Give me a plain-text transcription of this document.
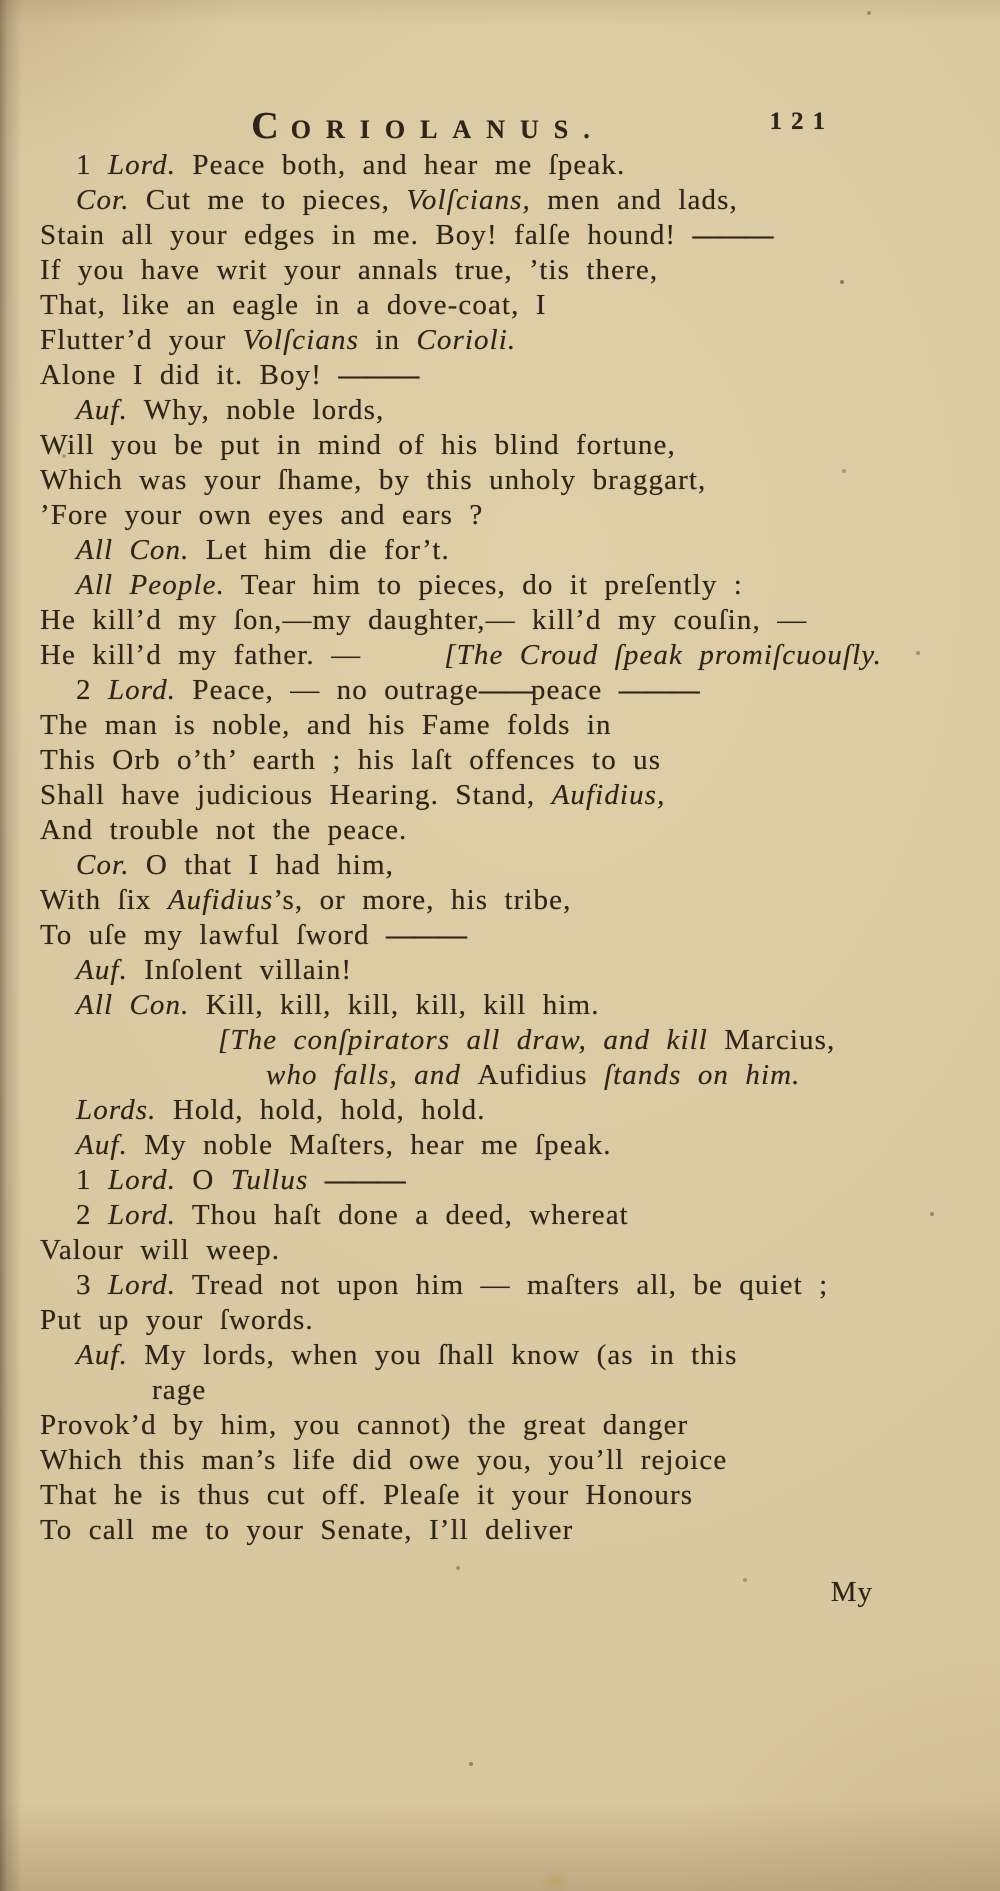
CORIOLANUS.	121
1 Lord. Peace both, and hear me ſpeak.
Cor. Cut me to pieces, Volſcians, men and lads,
Stain all your edges in me. Boy! falſe hound! ———
If you have writ your annals true, ’tis there,
That, like an eagle in a dove-coat, I
Flutter’d your Volſcians in Corioli.
Alone I did it. Boy! ———
Auf. Why, noble lords,
Will you be put in mind of his blind fortune,
Which was your ſhame, by this unholy braggart,
’Fore your own eyes and ears ?
All Con. Let him die for’t.
All People. Tear him to pieces, do it preſently :
He kill’d my ſon,—my daughter,— kill’d my couſin, —
He kill’d my father. —	[The Croud ſpeak promiſcuouſly.
2 Lord. Peace, — no outrage——peace ———
The man is noble, and his Fame folds in
This Orb o’th’ earth ; his laſt offences to us
Shall have judicious Hearing. Stand, Aufidius,
And trouble not the peace.
Cor. O that I had him,
With ſix Aufidius’s, or more, his tribe,
To uſe my lawful ſword ———
Auf. Inſolent villain!
All Con. Kill, kill, kill, kill, kill him.
[The conſpirators all draw, and kill Marcius,
who falls, and Aufidius ſtands on him.
Lords. Hold, hold, hold, hold.
Auf. My noble Maſters, hear me ſpeak.
1 Lord. O Tullus ———
2 Lord. Thou haſt done a deed, whereat
Valour will weep.
3 Lord. Tread not upon him — maſters all, be quiet ;
Put up your ſwords.
Auf. My lords, when you ſhall know (as in this
rage
Provok’d by him, you cannot) the great danger
Which this man’s life did owe you, you’ll rejoice
That he is thus cut off. Pleaſe it your Honours
To call me to your Senate, I’ll deliver
My
